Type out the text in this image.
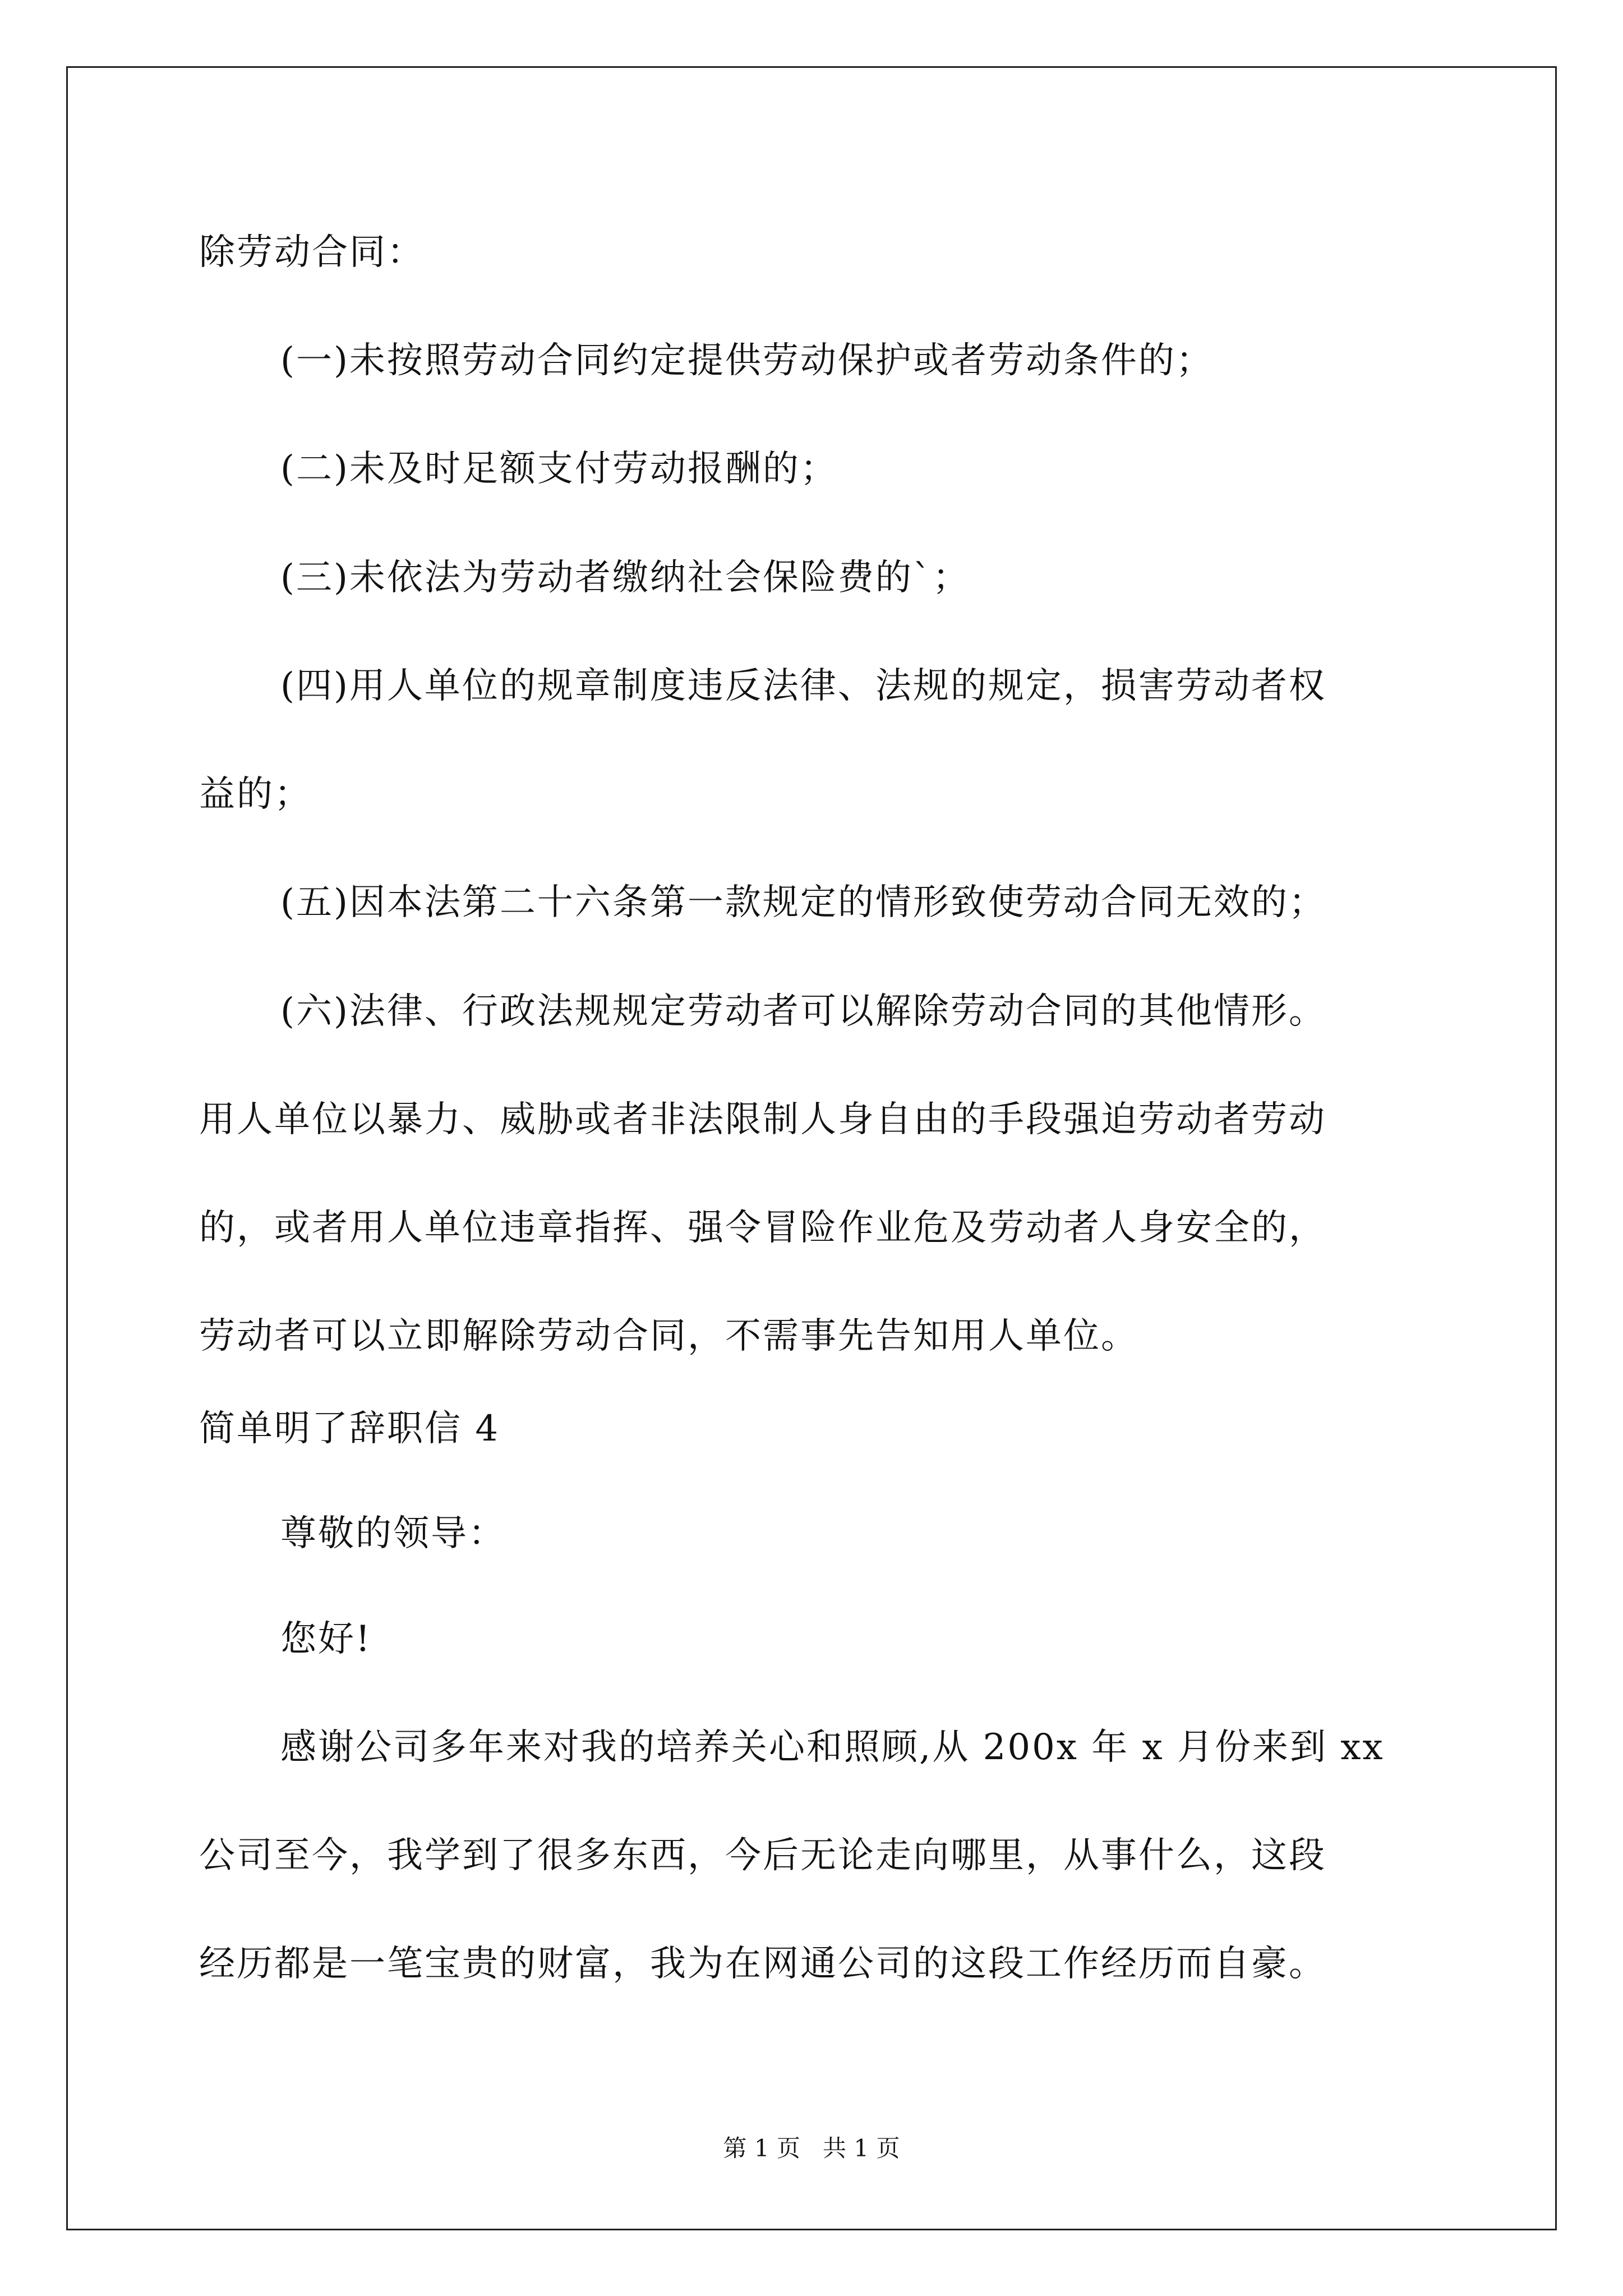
除劳动合同：
(一)未按照劳动合同约定提供劳动保护或者劳动条件的；
(二)未及时足额支付劳动报酬的；
(三)未依法为劳动者缴纳社会保险费的`；
(四)用人单位的规章制度违反法律、法规的规定，损害劳动者权
益的；
(五)因本法第二十六条第一款规定的情形致使劳动合同无效的；
(六)法律、行政法规规定劳动者可以解除劳动合同的其他情形。
用人单位以暴力、威胁或者非法限制人身自由的手段强迫劳动者劳动
的，或者用人单位违章指挥、强令冒险作业危及劳动者人身安全的，
劳动者可以立即解除劳动合同，不需事先告知用人单位。
简单明了辞职信 4
尊敬的领导：
您好!
感谢公司多年来对我的培养关心和照顾,从 200x 年 x 月份来到 xx
公司至今，我学到了很多东西，今后无论走向哪里，从事什么，这段
经历都是一笔宝贵的财富，我为在网通公司的这段工作经历而自豪。
第 1 页   共 1 页
